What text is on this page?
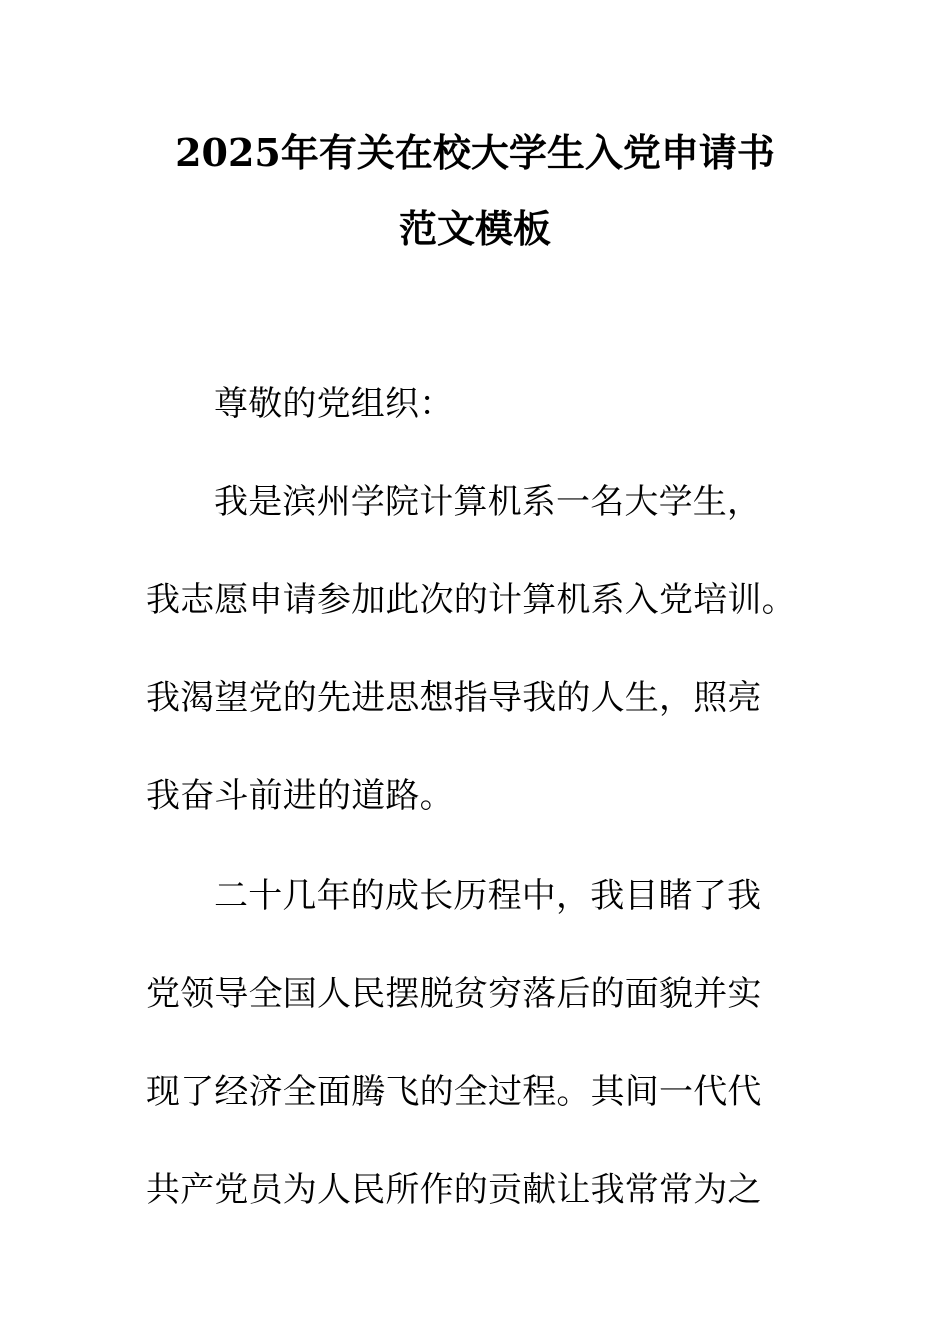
2025年有关在校大学生入党申请书
范文模板
尊敬的党组织：
我是滨州学院计算机系一名大学生，
我志愿申请参加此次的计算机系入党培训。
我渴望党的先进思想指导我的人生，照亮
我奋斗前进的道路。
二十几年的成长历程中，我目睹了我
党领导全国人民摆脱贫穷落后的面貌并实
现了经济全面腾飞的全过程。其间一代代
共产党员为人民所作的贡献让我常常为之
